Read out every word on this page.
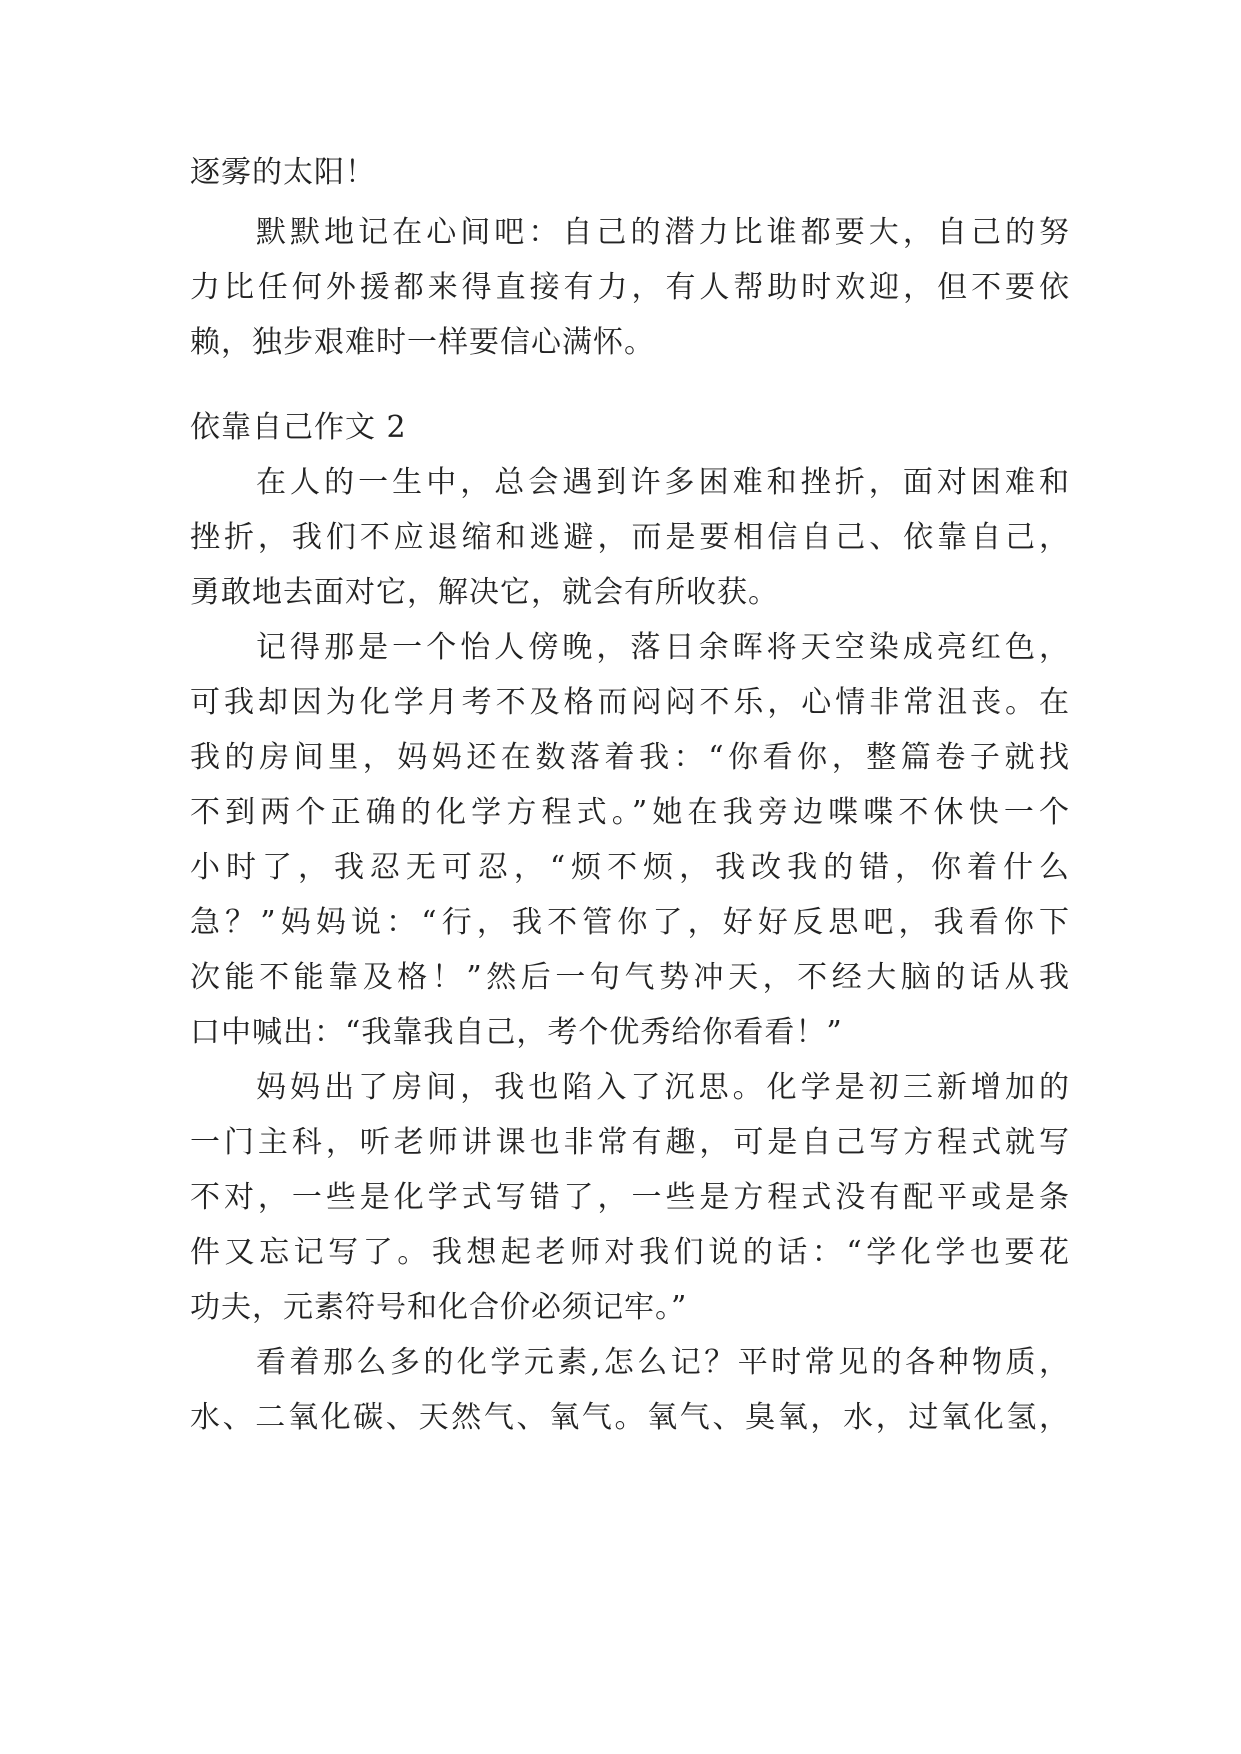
逐雾的太阳！
默默地记在心间吧：自己的潜力比谁都要大，自己的努
力比任何外援都来得直接有力，有人帮助时欢迎，但不要依
赖，独步艰难时一样要信心满怀。
依靠自己作文 2
在人的一生中，总会遇到许多困难和挫折，面对困难和
挫折，我们不应退缩和逃避，而是要相信自己、依靠自己，
勇敢地去面对它，解决它，就会有所收获。
记得那是一个怡人傍晚，落日余晖将天空染成亮红色，
可我却因为化学月考不及格而闷闷不乐，心情非常沮丧。在
我的房间里，妈妈还在数落着我：“你看你，整篇卷子就找
不到两个正确的化学方程式。”她在我旁边喋喋不休快一个
小时了，我忍无可忍，“烦不烦，我改我的错，你着什么
急？”妈妈说：“行，我不管你了，好好反思吧，我看你下
次能不能靠及格！”然后一句气势冲天，不经大脑的话从我
口中喊出：“我靠我自己，考个优秀给你看看！”
妈妈出了房间，我也陷入了沉思。化学是初三新增加的
一门主科，听老师讲课也非常有趣，可是自己写方程式就写
不对，一些是化学式写错了，一些是方程式没有配平或是条
件又忘记写了。我想起老师对我们说的话：“学化学也要花
功夫，元素符号和化合价必须记牢。”
看着那么多的化学元素,怎么记？平时常见的各种物质，
水、二氧化碳、天然气、氧气。氧气、臭氧，水，过氧化氢，
